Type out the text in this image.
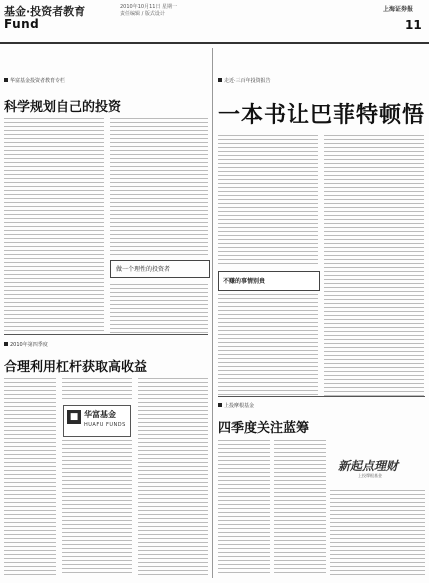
基金·投资者教育
Fund
2010年10月11日 星期一
责任编辑 / 版式设计
上海证券报
11
华富基金投资者教育专栏
科学规划自己的投资
做一个理性的投资者
2010年第四季度
合理利用杠杆获取高收益
■ 华富基金
HUAFU FUNDS
走近·三百年投资报告
一本书让巴菲特顿悟
不赚的事情别贵
上投摩根基金
四季度关注蓝筹
新起点理财
上投摩根基金
